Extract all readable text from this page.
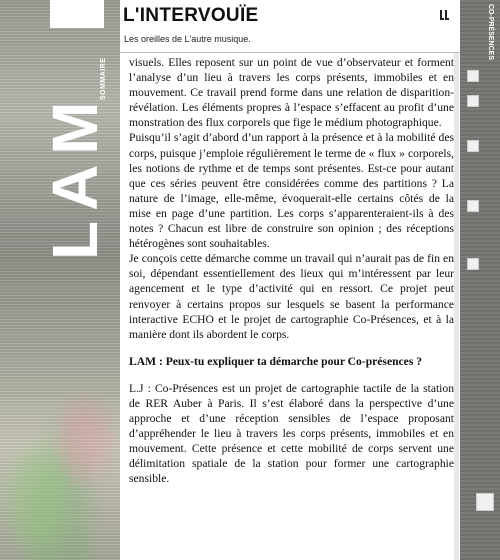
LAM
SOMMAIRE
L'INTERVOUÏE
Les oreilles de L'autre musique.	CO-PRÉSENCES

visuels. Elles reposent sur un point de vue d’observateur et forment l’analyse d’un lieu à travers les corps présents, immobiles et en mouvement. Ce travail prend forme dans une relation de disparition-révélation. Les éléments propres à l’espace s’effacent au profit d’une monstration des flux corporels que fige le médium photographique.

Puisqu’il s’agit d’abord d’un rapport à la présence et à la mobilité des corps, puisque j’emploie régulièrement le terme de « flux » corporels, les notions de rythme et de temps sont présentes. Est-ce pour autant que ces séries peuvent être considérées comme des partitions ? La nature de l’image, elle-même, évoquerait-elle certains côtés de la mise en page d’une partition. Les corps s’apparenteraient-ils à des notes ? Chacun est libre de construire son opinion ; des réceptions hétérogènes sont souhaitables.

Je conçois cette démarche comme un travail qui n’aurait pas de fin en soi, dépendant essentiellement des lieux qui m’intéressent par leur agencement et le type d’activité qui en ressort. Ce projet peut renvoyer à certains propos sur lesquels se basent la performance interactive ECHO et le projet de cartographie Co-Présences, et à la manière dont ils abordent le corps.

LAM : Peux-tu expliquer ta démarche pour Co-présences ?

L.J : Co-Présences est un projet de cartographie tactile de la station de RER Auber à Paris. Il s’est élaboré dans la perspective d’une approche et d’une réception sensibles de l’espace proposant d’appréhender le lieu à travers les corps présents, immobiles et en mouvement. Cette présence et cette mobilité de corps servent une délimitation spatiale de la station pour former une cartographie sensible.
